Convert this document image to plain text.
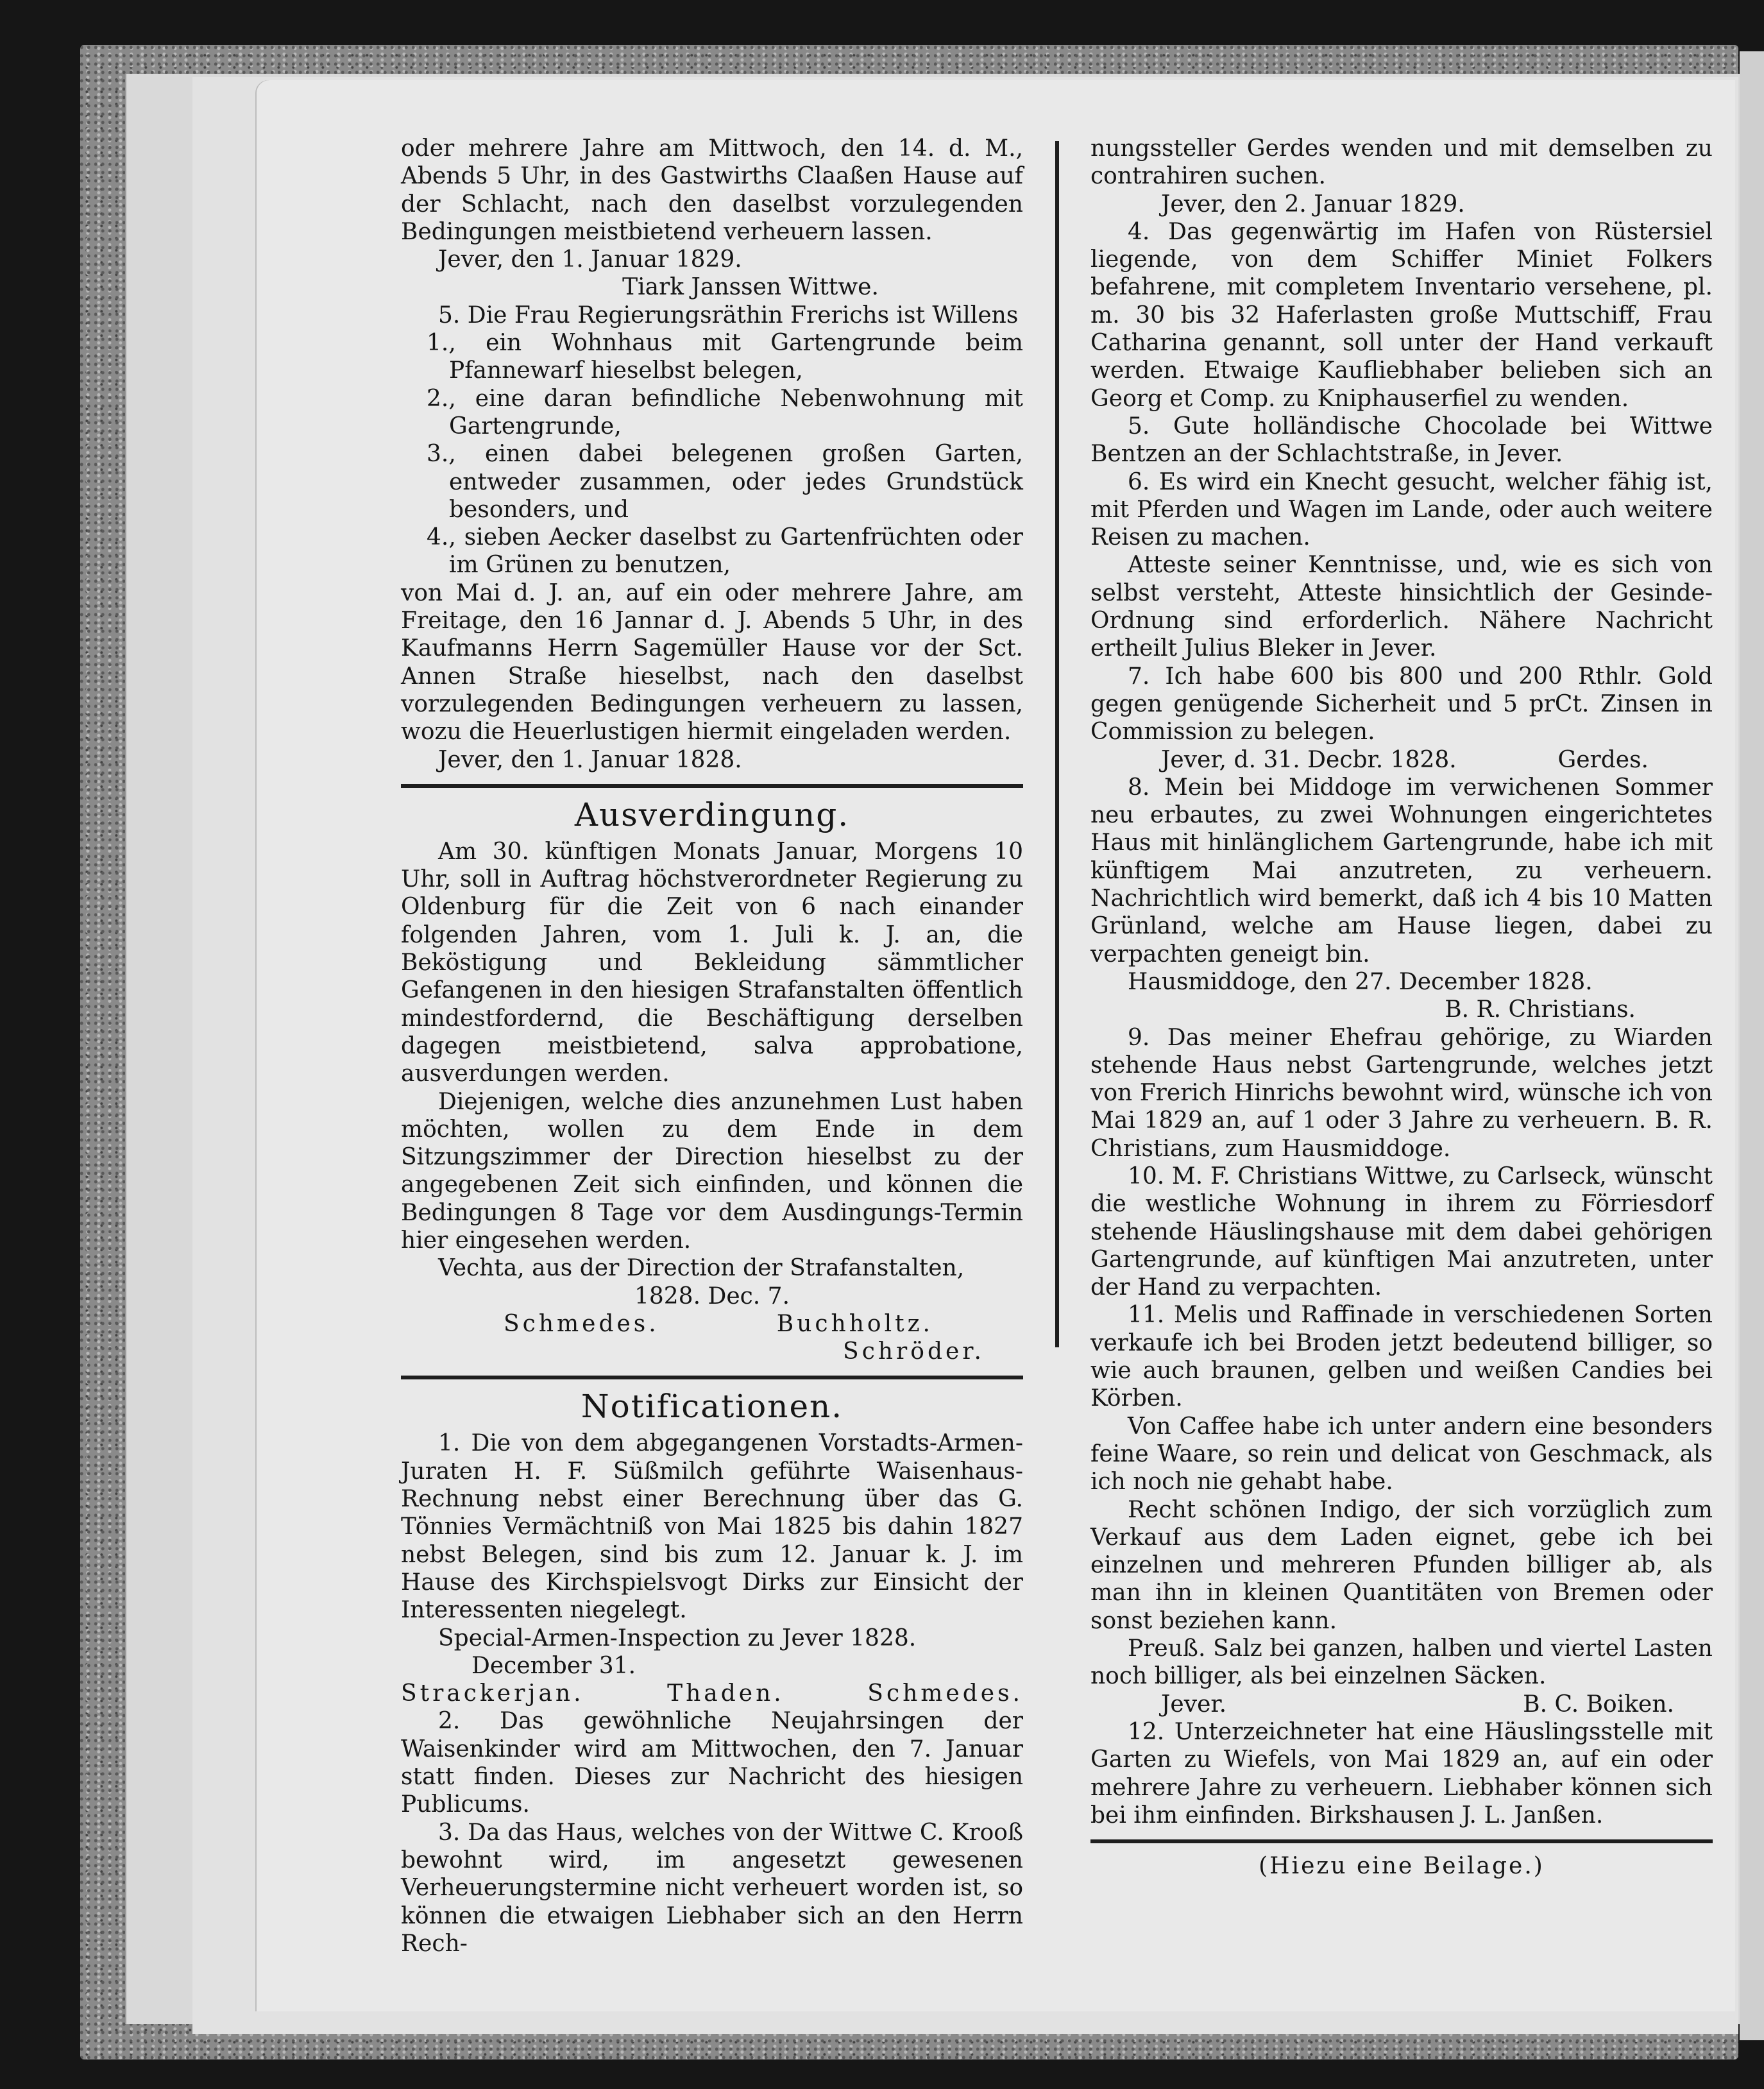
oder mehrere Jahre am Mittwoch, den 14. d. M., Abends 5 Uhr, in des Gastwirths Claaßen Hause auf der Schlacht, nach den daselbst vorzulegenden Bedingungen meistbietend verheuern lassen.

Jever, den 1. Januar 1829.

Tiark Janssen Wittwe.

5. Die Frau Regierungsräthin Frerichs ist Willens

1., ein Wohnhaus mit Gartengrunde beim Pfannewarf hieselbst belegen,

2., eine daran befindliche Nebenwohnung mit Gartengrunde,

3., einen dabei belegenen großen Garten, entweder zusammen, oder jedes Grundstück besonders, und

4., sieben Aecker daselbst zu Gartenfrüchten oder im Grünen zu benutzen,

von Mai d. J. an, auf ein oder mehrere Jahre, am Freitage, den 16 Jannar d. J. Abends 5 Uhr, in des Kaufmanns Herrn Sagemüller Hause vor der Sct. Annen Straße hieselbst, nach den daselbst vorzulegenden Bedingungen verheuern zu lassen, wozu die Heuerlustigen hiermit eingeladen werden.

Jever, den 1. Januar 1828.

Ausverdingung.

Am 30. künftigen Monats Januar, Morgens 10 Uhr, soll in Auftrag höchstverordneter Regierung zu Oldenburg für die Zeit von 6 nach einander folgenden Jahren, vom 1. Juli k. J. an, die Beköstigung und Bekleidung sämmtlicher Gefangenen in den hiesigen Strafanstalten öffentlich mindestfordernd, die Beschäftigung derselben dagegen meistbietend, salva approbatione, ausverdungen werden.

Diejenigen, welche dies anzunehmen Lust haben möchten, wollen zu dem Ende in dem Sitzungszimmer der Direction hieselbst zu der angegebenen Zeit sich einfinden, und können die Bedingungen 8 Tage vor dem Ausdingungs-Termin hier eingesehen werden.

Vechta, aus der Direction der Strafanstalten,

1828. Dec. 7.

Schmedes.	Buchholtz.

Schröder.

Notificationen.

1. Die von dem abgegangenen Vorstadts-Armen-Juraten H. F. Süßmilch geführte Waisenhaus-Rechnung nebst einer Berechnung über das G. Tönnies Vermächtniß von Mai 1825 bis dahin 1827 nebst Belegen, sind bis zum 12. Januar k. J. im Hause des Kirchspielsvogt Dirks zur Einsicht der Interessenten niegelegt.

Special-Armen-Inspection zu Jever 1828.

December 31.

Strackerjan.	Thaden.	Schmedes.

2. Das gewöhnliche Neujahrsingen der Waisenkinder wird am Mittwochen, den 7. Januar statt finden. Dieses zur Nachricht des hiesigen Publicums.

3. Da das Haus, welches von der Wittwe C. Krooß bewohnt wird, im angesetzt gewesenen Verheuerungstermine nicht verheuert worden ist, so können die etwaigen Liebhaber sich an den Herrn Rech-

nungssteller Gerdes wenden und mit demselben zu contrahiren suchen.

Jever, den 2. Januar 1829.

4. Das gegenwärtig im Hafen von Rüstersiel liegende, von dem Schiffer Miniet Folkers befahrene, mit completem Inventario versehene, pl. m. 30 bis 32 Haferlasten große Muttschiff, Frau Catharina genannt, soll unter der Hand verkauft werden. Etwaige Kaufliebhaber belieben sich an Georg et Comp. zu Kniphauserfiel zu wenden.

5. Gute holländische Chocolade bei Wittwe Bentzen an der Schlachtstraße, in Jever.

6. Es wird ein Knecht gesucht, welcher fähig ist, mit Pferden und Wagen im Lande, oder auch weitere Reisen zu machen.

Atteste seiner Kenntnisse, und, wie es sich von selbst versteht, Atteste hinsichtlich der Gesinde-Ordnung sind erforderlich. Nähere Nachricht ertheilt Julius Bleker in Jever.

7. Ich habe 600 bis 800 und 200 Rthlr. Gold gegen genügende Sicherheit und 5 prCt. Zinsen in Commission zu belegen.

Jever, d. 31. Decbr. 1828.	Gerdes.

8. Mein bei Middoge im verwichenen Sommer neu erbautes, zu zwei Wohnungen eingerichtetes Haus mit hinlänglichem Gartengrunde, habe ich mit künftigem Mai anzutreten, zu verheuern. Nachrichtlich wird bemerkt, daß ich 4 bis 10 Matten Grünland, welche am Hause liegen, dabei zu verpachten geneigt bin.

Hausmiddoge, den 27. December 1828.

B. R. Christians.

9. Das meiner Ehefrau gehörige, zu Wiarden stehende Haus nebst Gartengrunde, welches jetzt von Frerich Hinrichs bewohnt wird, wünsche ich von Mai 1829 an, auf 1 oder 3 Jahre zu verheuern. B. R. Christians, zum Hausmiddoge.

10. M. F. Christians Wittwe, zu Carlseck, wünscht die westliche Wohnung in ihrem zu Förriesdorf stehende Häuslingshause mit dem dabei gehörigen Gartengrunde, auf künftigen Mai anzutreten, unter der Hand zu verpachten.

11. Melis und Raffinade in verschiedenen Sorten verkaufe ich bei Broden jetzt bedeutend billiger, so wie auch braunen, gelben und weißen Candies bei Körben.

Von Caffee habe ich unter andern eine besonders feine Waare, so rein und delicat von Geschmack, als ich noch nie gehabt habe.

Recht schönen Indigo, der sich vorzüglich zum Verkauf aus dem Laden eignet, gebe ich bei einzelnen und mehreren Pfunden billiger ab, als man ihn in kleinen Quantitäten von Bremen oder sonst beziehen kann.

Preuß. Salz bei ganzen, halben und viertel Lasten noch billiger, als bei einzelnen Säcken.

Jever.	B. C. Boiken.

12. Unterzeichneter hat eine Häuslingsstelle mit Garten zu Wiefels, von Mai 1829 an, auf ein oder mehrere Jahre zu verheuern. Liebhaber können sich bei ihm einfinden. Birkshausen J. L. Janßen.

(Hiezu eine Beilage.)
